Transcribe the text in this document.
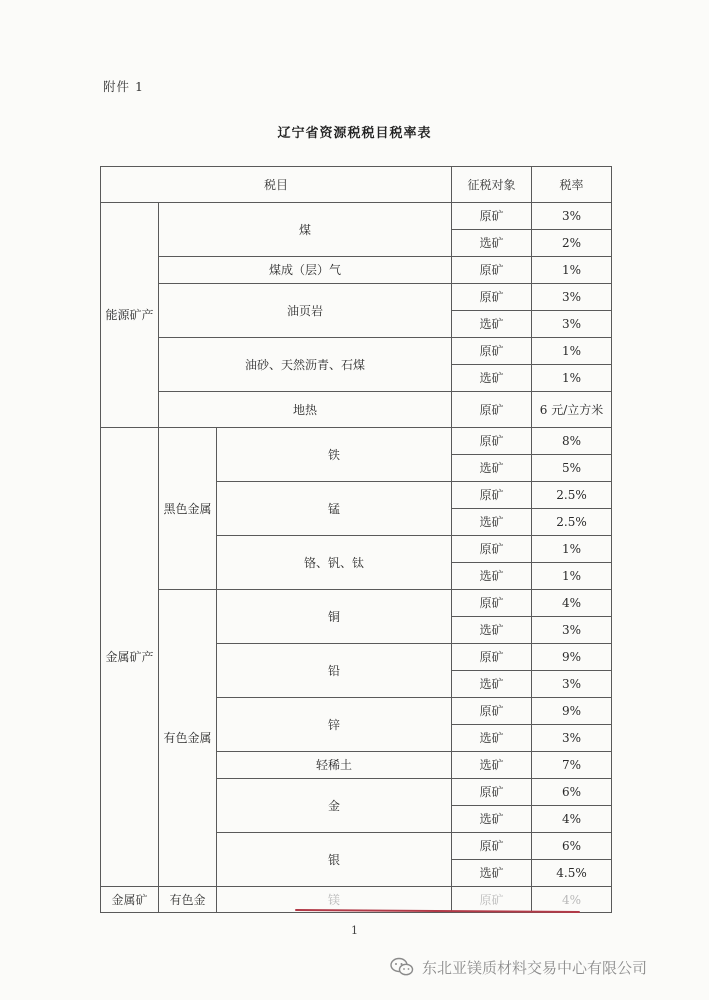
附件 1
辽宁省资源税税目税率表
税目			征税对象	税率
能源矿产	煤		原矿	3%
			选矿	2%
	煤成（层）气		原矿	1%
	油页岩		原矿	3%
			选矿	3%
	油砂、天然沥青、石煤		原矿	1%
			选矿	1%
	地热		原矿	6 元/立方米
金属矿产	黑色金属	铁	原矿	8%
			选矿	5%
		锰	原矿	2.5%
			选矿	2.5%
		铬、钒、钛	原矿	1%
			选矿	1%
	有色金属	铜	原矿	4%
			选矿	3%
		铅	原矿	9%
			选矿	3%
		锌	原矿	9%
			选矿	3%
		轻稀土	选矿	7%
		金	原矿	6%
			选矿	4%
		银	原矿	6%
			选矿	4.5%
金属矿	有色金	镁	原矿	4%
1
东北亚镁质材料交易中心有限公司
